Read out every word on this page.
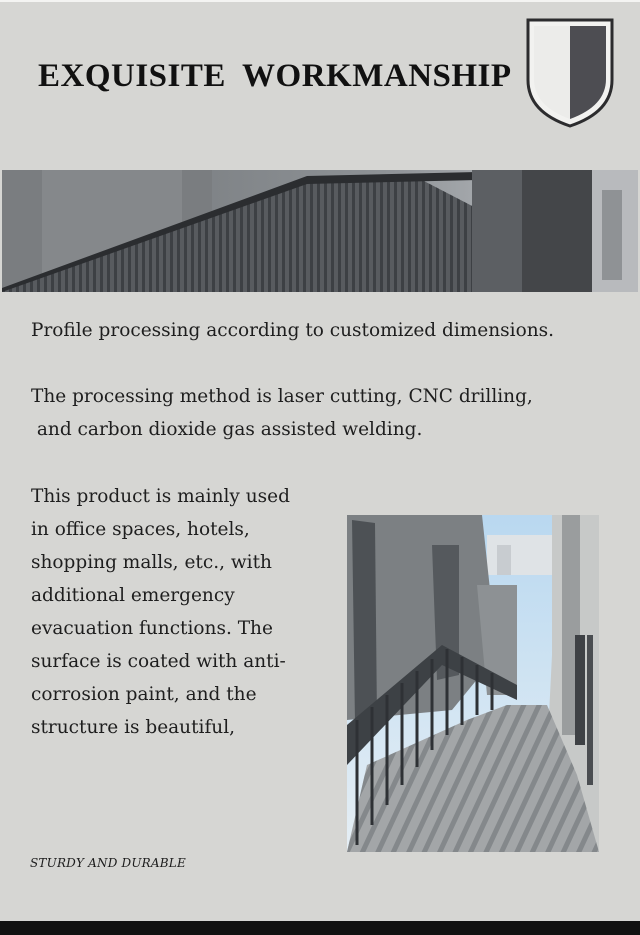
EXQUISITE WORKMANSHIP
Profile processing according to customized dimensions.
The processing method is laser cutting, CNC drilling,
and carbon dioxide gas assisted welding.
This product is mainly used in office spaces, hotels, shopping malls, etc., with additional emergency evacuation functions. The surface is coated with anti-corrosion paint, and the structure is beautiful,
STURDY AND DURABLE
